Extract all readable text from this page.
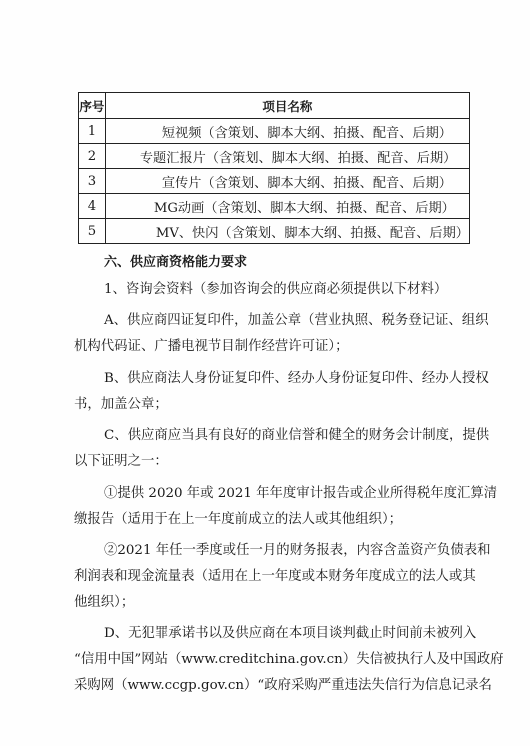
序号	项目名称
1	短视频（含策划、脚本大纲、拍摄、配音、后期）
2	专题汇报片（含策划、脚本大纲、拍摄、配音、后期）
3	宣传片（含策划、脚本大纲、拍摄、配音、后期）
4	MG动画（含策划、脚本大纲、拍摄、配音、后期）
5	MV、快闪（含策划、脚本大纲、拍摄、配音、后期）

六、供应商资格能力要求

1、咨询会资料（参加咨询会的供应商必须提供以下材料）

A、供应商四证复印件，加盖公章（营业执照、税务登记证、组织

机构代码证、广播电视节目制作经营许可证）；

B、供应商法人身份证复印件、经办人身份证复印件、经办人授权

书，加盖公章；

C、供应商应当具有良好的商业信誉和健全的财务会计制度，提供

以下证明之一：

①提供 2020 年或 2021 年年度审计报告或企业所得税年度汇算清

缴报告（适用于在上一年度前成立的法人或其他组织）；

②2021 年任一季度或任一月的财务报表，内容含盖资产负债表和

利润表和现金流量表（适用在上一年度或本财务年度成立的法人或其

他组织）；

D、无犯罪承诺书以及供应商在本项目谈判截止时间前未被列入

“信用中国”网站（www.creditchina.gov.cn）失信被执行人及中国政府

采购网（www.ccgp.gov.cn）“政府采购严重违法失信行为信息记录名
